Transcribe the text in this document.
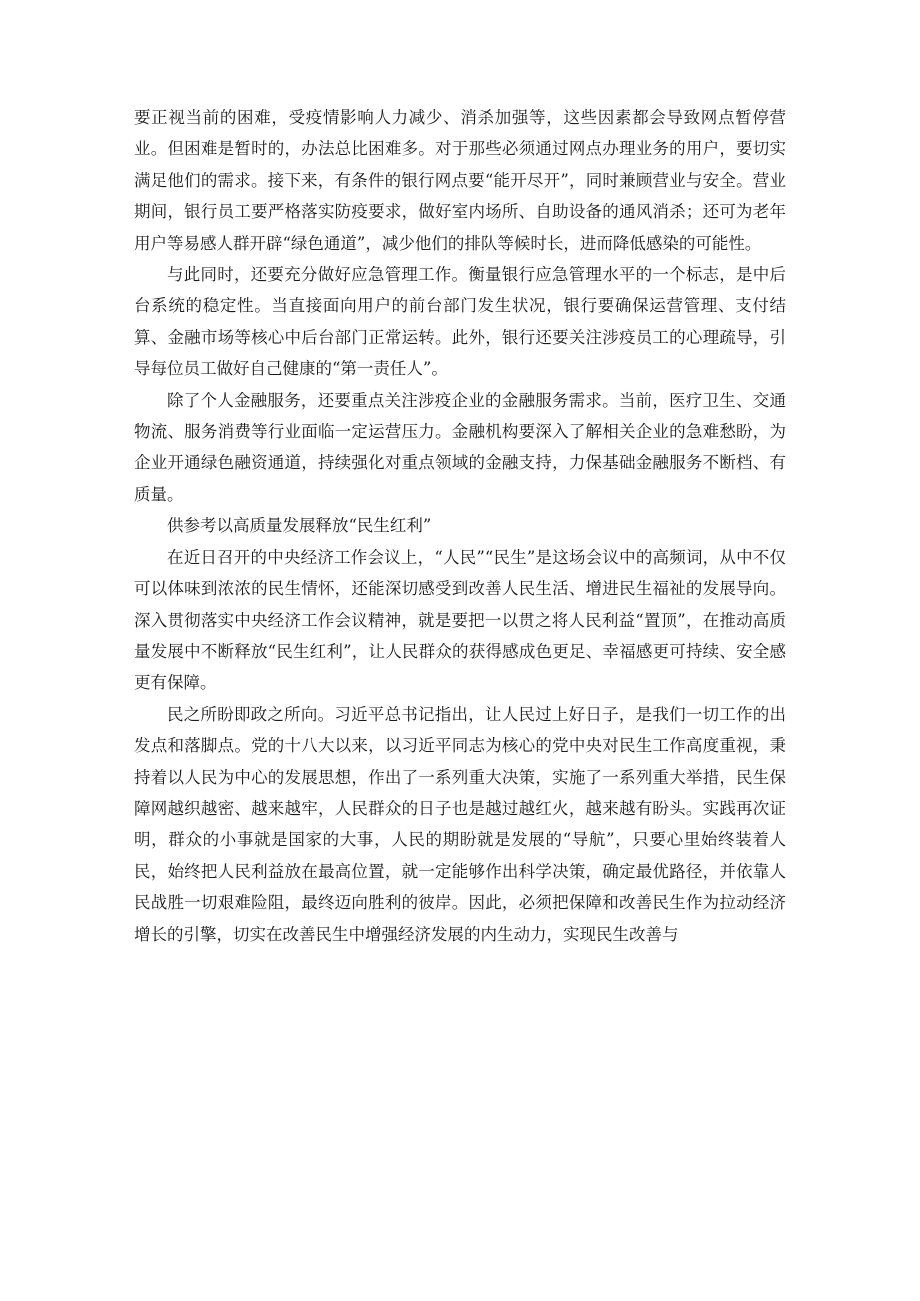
要正视当前的困难，受疫情影响人力减少、消杀加强等，这些因素都会导致网点暂停营业。但困难是暂时的，办法总比困难多。对于那些必须通过网点办理业务的用户，要切实满足他们的需求。接下来，有条件的银行网点要“能开尽开”，同时兼顾营业与安全。营业期间，银行员工要严格落实防疫要求，做好室内场所、自助设备的通风消杀；还可为老年用户等易感人群开辟“绿色通道”，减少他们的排队等候时长，进而降低感染的可能性。

与此同时，还要充分做好应急管理工作。衡量银行应急管理水平的一个标志，是中后台系统的稳定性。当直接面向用户的前台部门发生状况，银行要确保运营管理、支付结算、金融市场等核心中后台部门正常运转。此外，银行还要关注涉疫员工的心理疏导，引导每位员工做好自己健康的“第一责任人”。

除了个人金融服务，还要重点关注涉疫企业的金融服务需求。当前，医疗卫生、交通物流、服务消费等行业面临一定运营压力。金融机构要深入了解相关企业的急难愁盼，为企业开通绿色融资通道，持续强化对重点领域的金融支持，力保基础金融服务不断档、有质量。

供参考以高质量发展释放“民生红利”

在近日召开的中央经济工作会议上，“人民”“民生”是这场会议中的高频词，从中不仅可以体味到浓浓的民生情怀，还能深切感受到改善人民生活、增进民生福祉的发展导向。深入贯彻落实中央经济工作会议精神，就是要把一以贯之将人民利益“置顶”，在推动高质量发展中不断释放“民生红利”，让人民群众的获得感成色更足、幸福感更可持续、安全感更有保障。

民之所盼即政之所向。习近平总书记指出，让人民过上好日子，是我们一切工作的出发点和落脚点。党的十八大以来，以习近平同志为核心的党中央对民生工作高度重视，秉持着以人民为中心的发展思想，作出了一系列重大决策，实施了一系列重大举措，民生保障网越织越密、越来越牢，人民群众的日子也是越过越红火，越来越有盼头。实践再次证明，群众的小事就是国家的大事，人民的期盼就是发展的“导航”，只要心里始终装着人民，始终把人民利益放在最高位置，就一定能够作出科学决策，确定最优路径，并依靠人民战胜一切艰难险阻，最终迈向胜利的彼岸。因此，必须把保障和改善民生作为拉动经济增长的引擎，切实在改善民生中增强经济发展的内生动力，实现民生改善与
